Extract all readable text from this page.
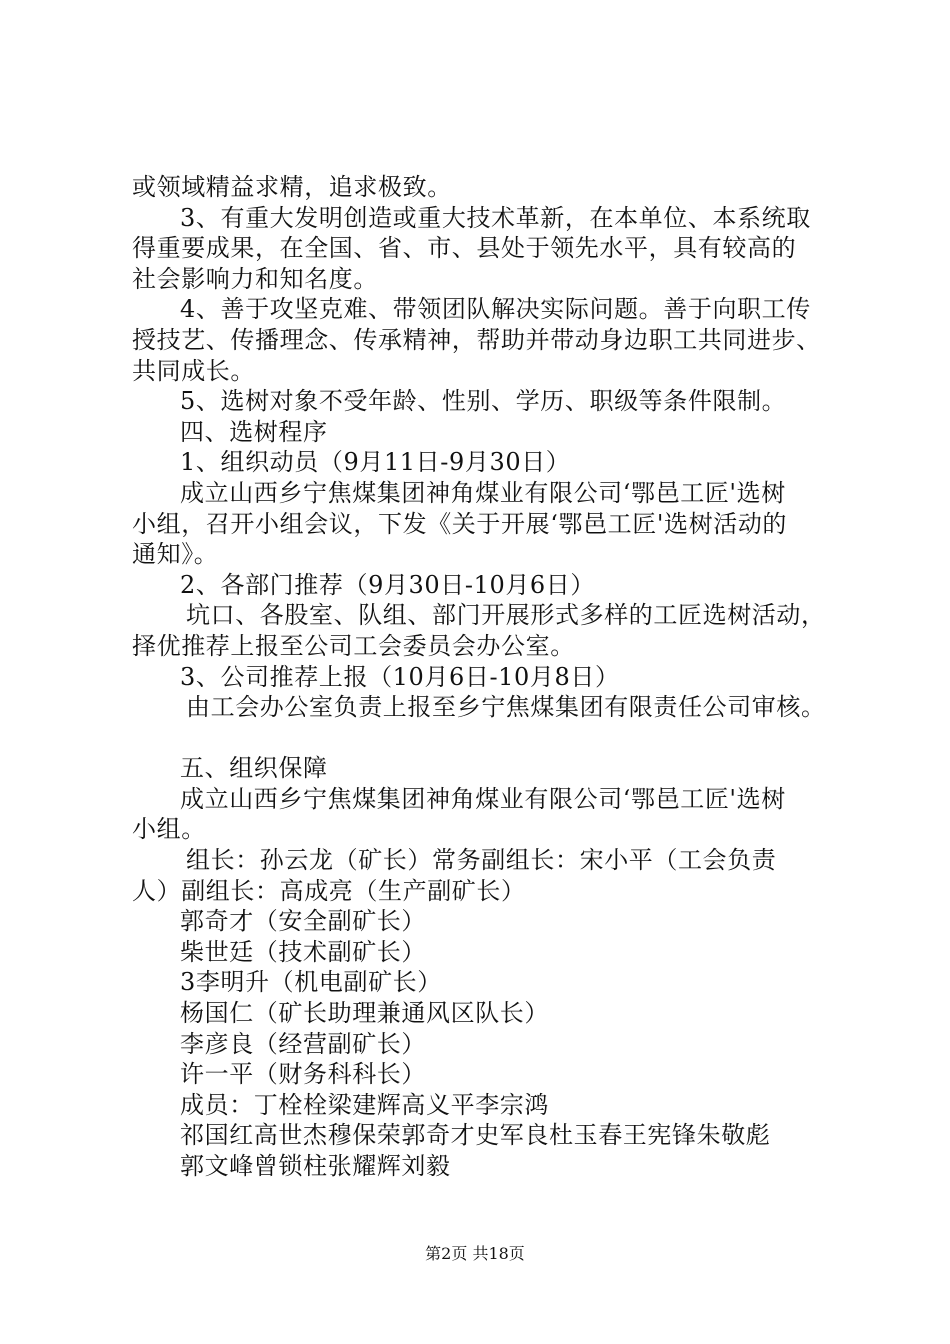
或领域精益求精，追求极致。
3、有重大发明创造或重大技术革新，在本单位、本系统取
得重要成果，在全国、省、市、县处于领先水平，具有较高的
社会影响力和知名度。
4、善于攻坚克难、带领团队解决实际问题。善于向职工传
授技艺、传播理念、传承精神，帮助并带动身边职工共同进步、
共同成长。
5、选树对象不受年龄、性别、学历、职级等条件限制。
四、选树程序
1、组织动员（9月11日-9月30日）
成立山西乡宁焦煤集团神角煤业有限公司‘鄂邑工匠'选树
小组，召开小组会议，下发《关于开展‘鄂邑工匠'选树活动的
通知》。
2、各部门推荐（9月30日-10月6日）
坑口、各股室、队组、部门开展形式多样的工匠选树活动，
择优推荐上报至公司工会委员会办公室。
3、公司推荐上报（10月6日-10月8日）
由工会办公室负责上报至乡宁焦煤集团有限责任公司审核。
五、组织保障
成立山西乡宁焦煤集团神角煤业有限公司‘鄂邑工匠'选树
小组。
组长：孙云龙（矿长）常务副组长：宋小平（工会负责
人）副组长：高成亮（生产副矿长）
郭奇才（安全副矿长）
柴世廷（技术副矿长）
3李明升（机电副矿长）
杨国仁（矿长助理兼通风区队长）
李彦良（经营副矿长）
许一平（财务科科长）
成员：丁栓栓梁建辉高义平李宗鸿
祁国红高世杰穆保荣郭奇才史军良杜玉春王宪锋朱敬彪
郭文峰曾锁柱张耀辉刘毅
第2页 共18页
